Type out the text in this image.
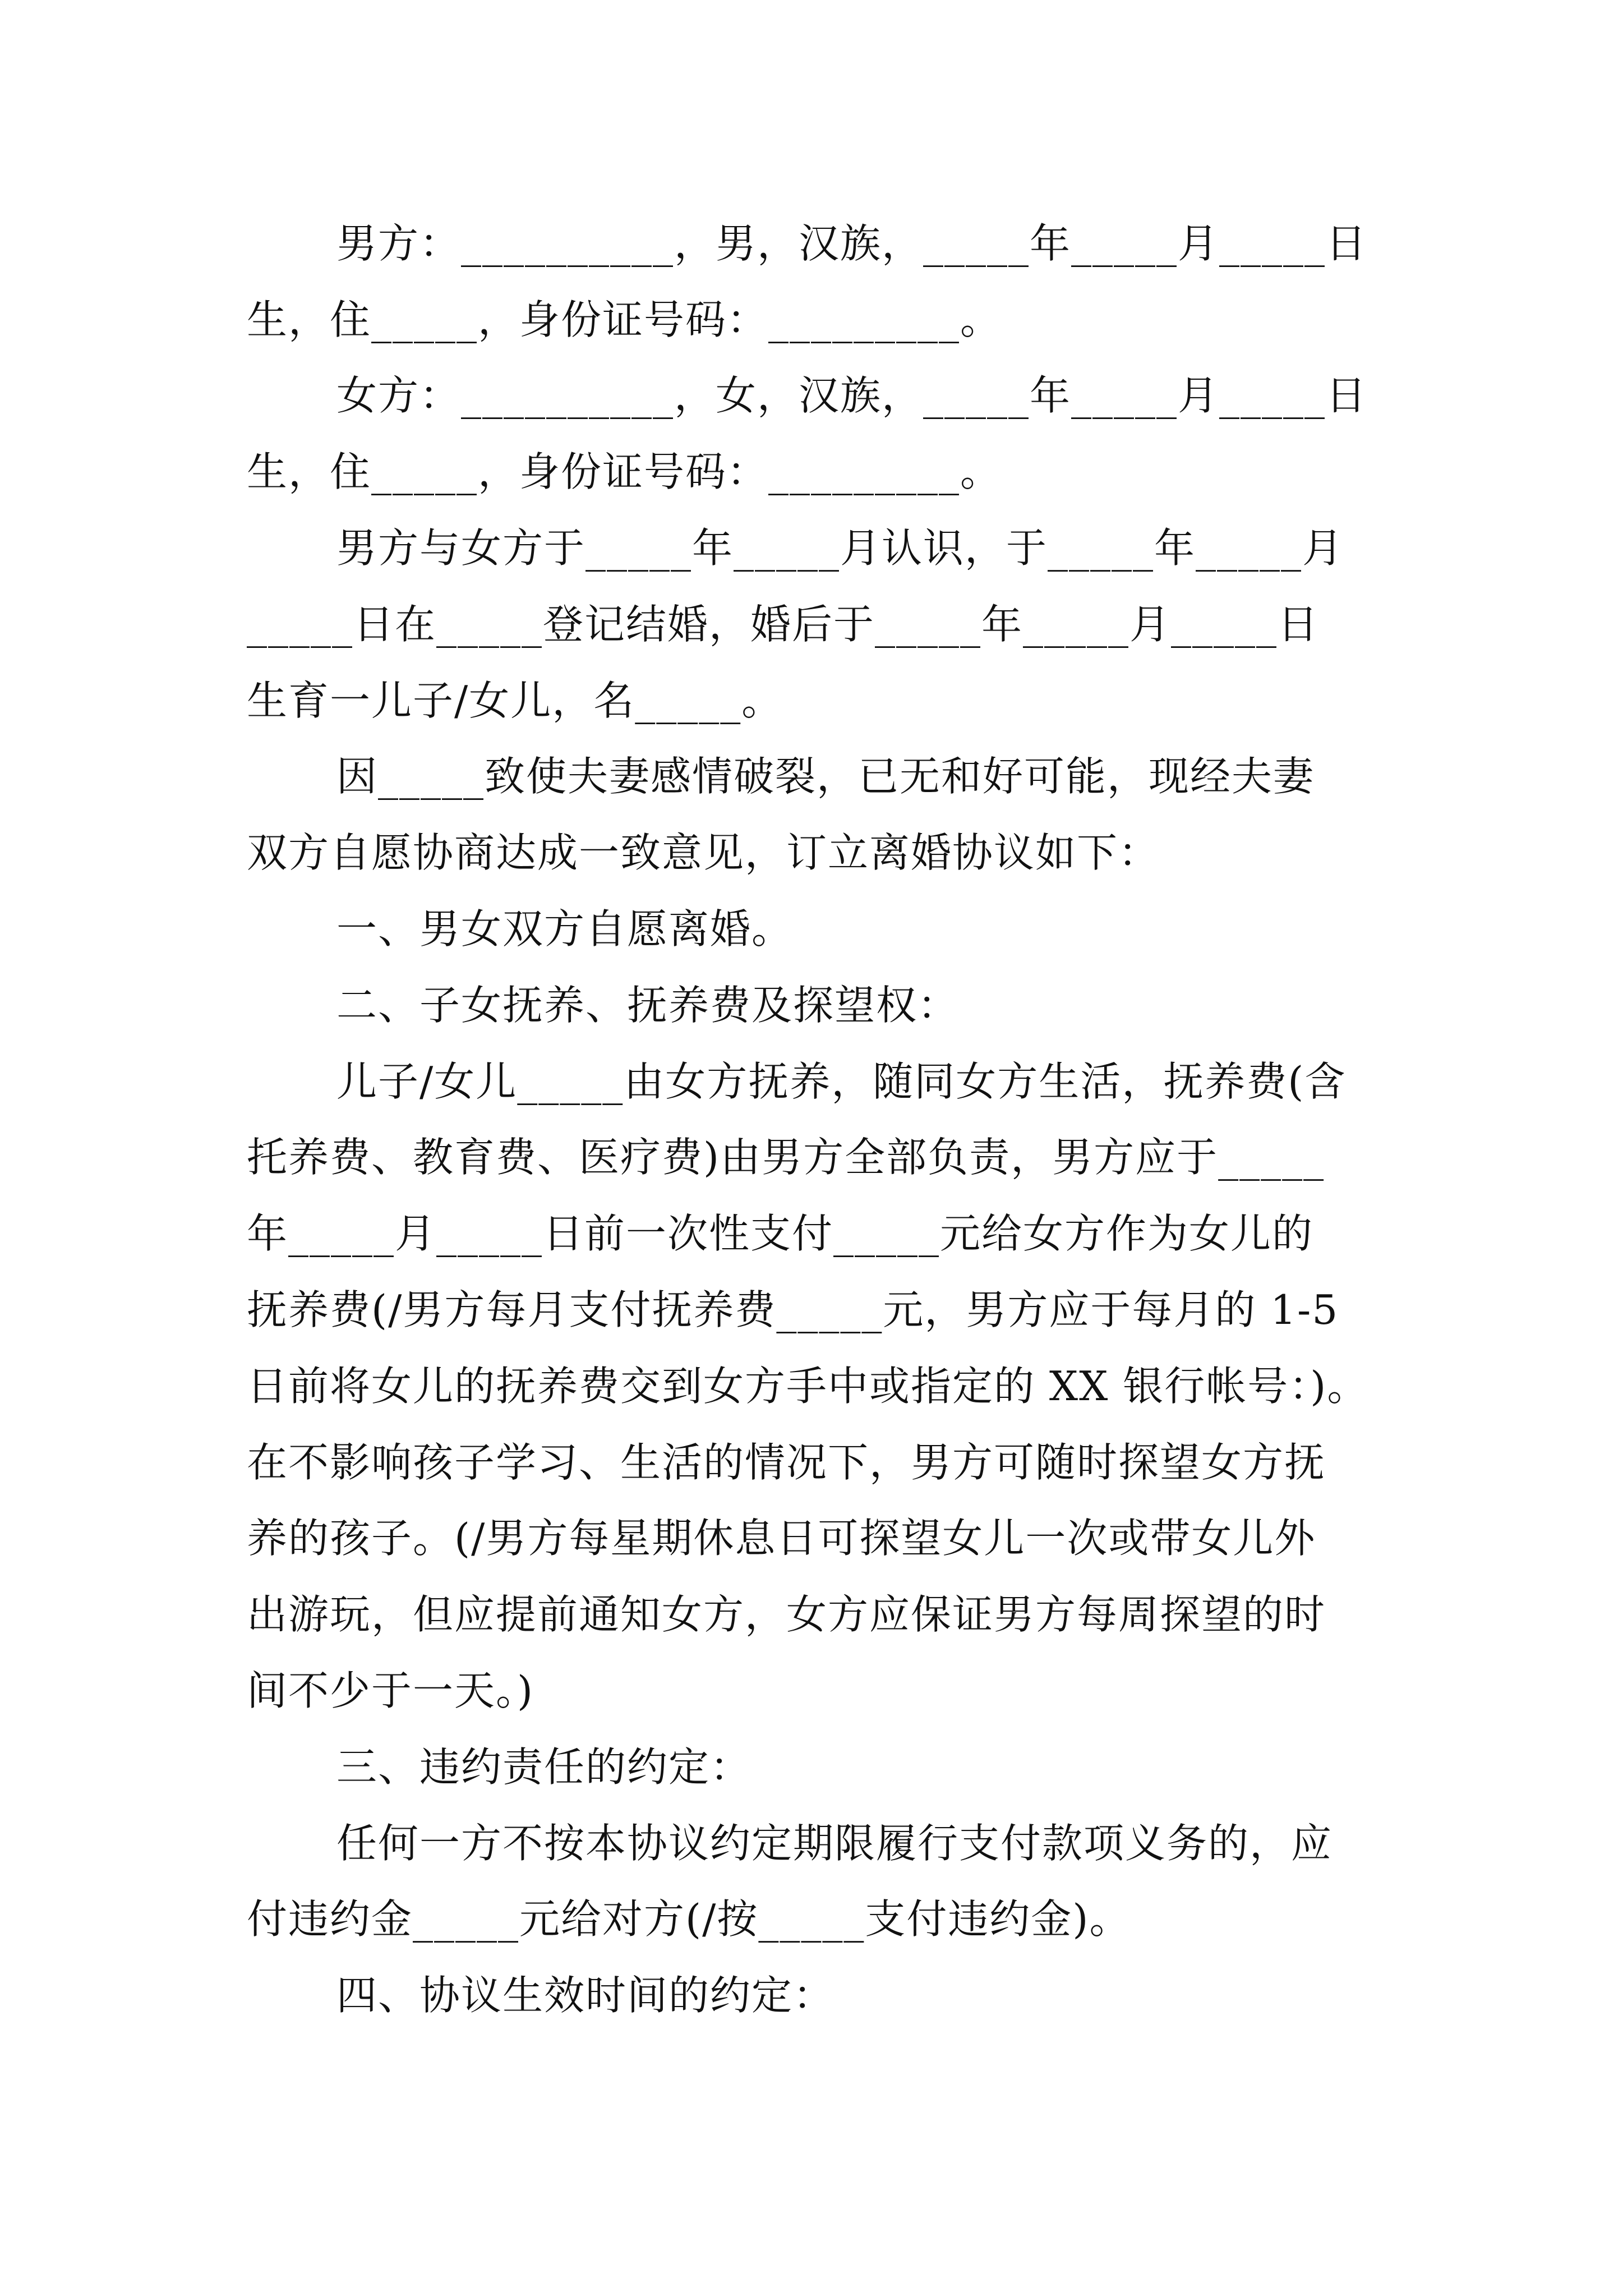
男方：__________，男，汉族，_____年_____月_____日
生，住_____，身份证号码：_________。
女方：__________，女，汉族，_____年_____月_____日
生，住_____，身份证号码：_________。
男方与女方于_____年_____月认识，于_____年_____月
_____日在_____登记结婚，婚后于_____年_____月_____日
生育一儿子/女儿，名_____。
因_____致使夫妻感情破裂，已无和好可能，现经夫妻
双方自愿协商达成一致意见，订立离婚协议如下：
一、男女双方自愿离婚。
二、子女抚养、抚养费及探望权：
儿子/女儿_____由女方抚养，随同女方生活，抚养费(含
托养费、教育费、医疗费)由男方全部负责，男方应于_____
年_____月_____日前一次性支付_____元给女方作为女儿的
抚养费(/男方每月支付抚养费_____元，男方应于每月的 1-5
日前将女儿的抚养费交到女方手中或指定的 XX 银行帐号：)。
在不影响孩子学习、生活的情况下，男方可随时探望女方抚
养的孩子。(/男方每星期休息日可探望女儿一次或带女儿外
出游玩，但应提前通知女方，女方应保证男方每周探望的时
间不少于一天。)
三、违约责任的约定：
任何一方不按本协议约定期限履行支付款项义务的，应
付违约金_____元给对方(/按_____支付违约金)。
四、协议生效时间的约定：
